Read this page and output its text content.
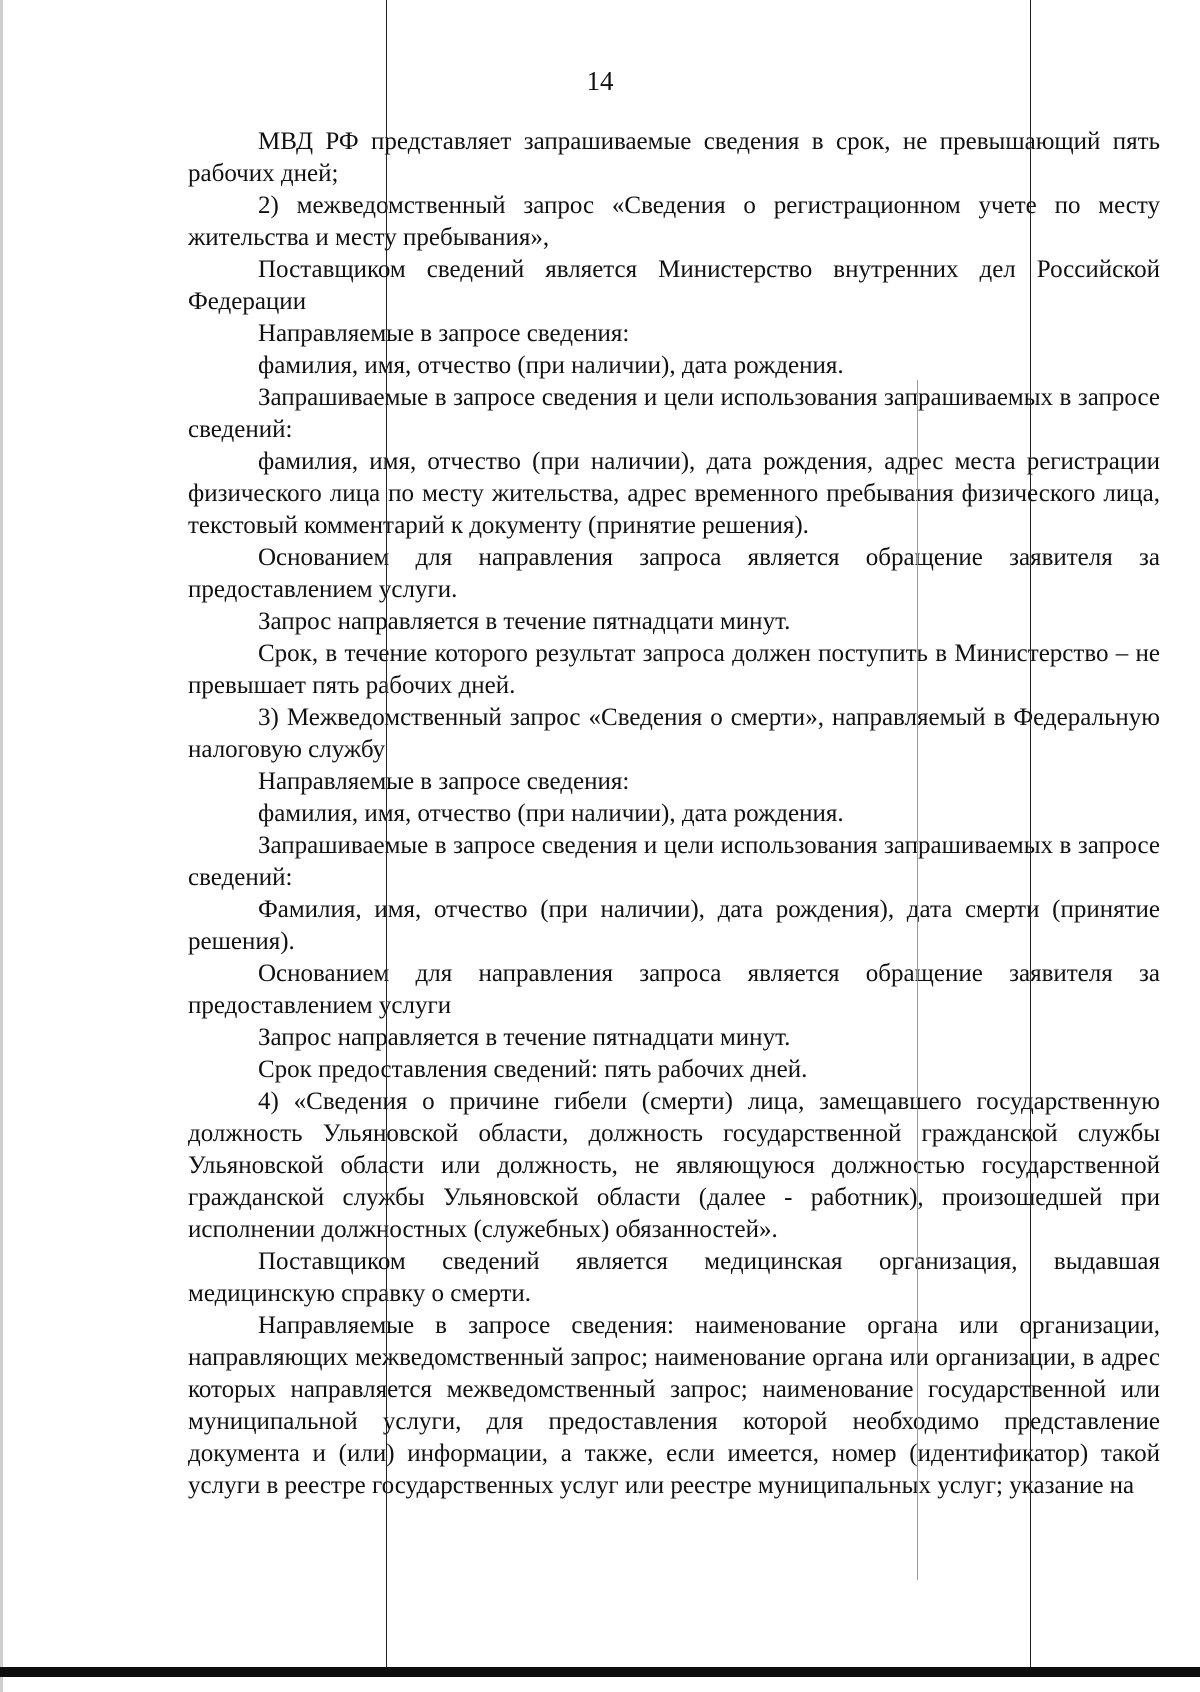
14

МВД РФ представляет запрашиваемые сведения в срок, не превышающий пять рабочих дней;

2) межведомственный запрос «Сведения о регистрационном учете по месту жительства и месту пребывания»,

Поставщиком сведений является Министерство внутренних дел Российской Федерации

Направляемые в запросе сведения:

фамилия, имя, отчество (при наличии), дата рождения.

Запрашиваемые в запросе сведения и цели использования запрашиваемых в запросе сведений:

фамилия, имя, отчество (при наличии), дата рождения, адрес места регистрации физического лица по месту жительства, адрес временного пребывания физического лица, текстовый комментарий к документу (принятие решения).

Основанием для направления запроса является обращение заявителя за предоставлением услуги.

Запрос направляется в течение пятнадцати минут.

Срок, в течение которого результат запроса должен поступить в Министерство – не превышает пять рабочих дней.

3) Межведомственный запрос «Сведения о смерти», направляемый в Федеральную налоговую службу

Направляемые в запросе сведения:

фамилия, имя, отчество (при наличии), дата рождения.

Запрашиваемые в запросе сведения и цели использования запрашиваемых в запросе сведений:

Фамилия, имя, отчество (при наличии), дата рождения), дата смерти (принятие решения).

Основанием для направления запроса является обращение заявителя за предоставлением услуги

Запрос направляется в течение пятнадцати минут.

Срок предоставления сведений: пять рабочих дней.

4) «Сведения о причине гибели (смерти) лица, замещавшего государственную должность Ульяновской области, должность государственной гражданской службы Ульяновской области или должность, не являющуюся должностью государственной гражданской службы Ульяновской области (далее - работник), произошедшей при исполнении должностных (служебных) обязанностей».

Поставщиком сведений является медицинская организация, выдавшая медицинскую справку о смерти.

Направляемые в запросе сведения: наименование органа или организации, направляющих межведомственный запрос; наименование органа или организации, в адрес которых направляется межведомственный запрос; наименование государственной или муниципальной услуги, для предоставления которой необходимо представление документа и (или) информации, а также, если имеется, номер (идентификатор) такой услуги в реестре государственных услуг или реестре муниципальных услуг; указание на
